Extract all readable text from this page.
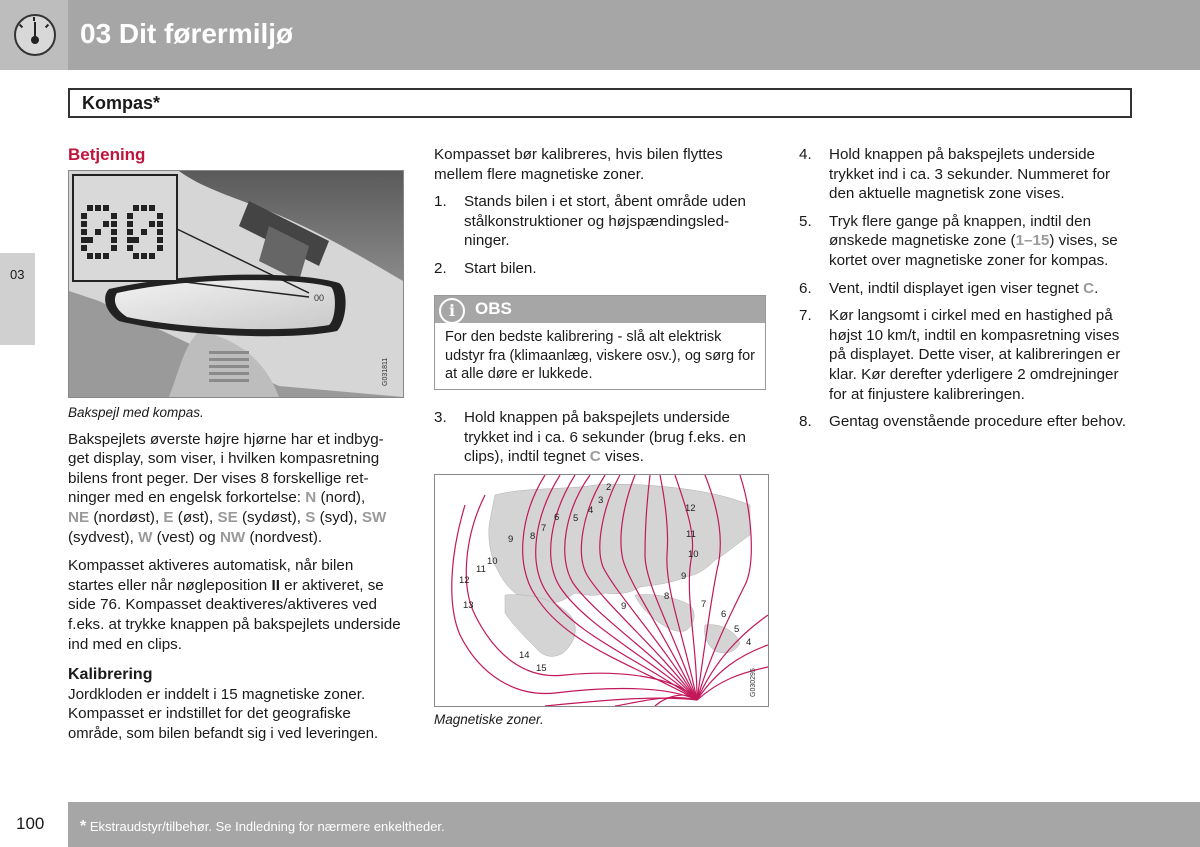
03 Dit førermiljø
Kompas*
03
Betjening
00
G031811

Bakspejl med kompas.

Bakspejlets øverste højre hjørne har et indbyg-
get display, som viser, i hvilken kompasretning
bilens front peger. Der vises 8 forskellige ret-
ninger med en engelsk forkortelse: N (nord),
NE (nordøst), E (øst), SE (sydøst), S (syd), SW
(sydvest), W (vest) og NW (nordvest).

Kompasset aktiveres automatisk, når bilen startes eller når nøgleposition II er aktiveret, se side 76. Kompasset deaktiveres/aktiveres ved f.eks. at trykke knappen på bakspejlets underside ind med en clips.

Kalibrering

Jordkloden er inddelt i 15 magnetiske zoner.
Kompasset er indstillet for det geografiske
område, som bilen befandt sig i ved leveringen.

Kompasset bør kalibreres, hvis bilen flyttes mellem flere magnetiske zoner.

1. Stands bilen i et stort, åbent område uden stålkonstruktioner og højspændingsled-ninger.
2. Start bilen.
i	OBS
For den bedste kalibrering - slå alt elektrisk udstyr fra (klimaanlæg, viskere osv.), og sørg for at alle døre er lukkede.
3. Hold knappen på bakspejlets underside trykket ind i ca. 6 sekunder (brug f.eks. en clips), indtil tegnet C vises.
2
3
4
5
6
7
8
9
10
11
12
13
14
15
12
11
10
9
8
7
6
5
4
9
G030295

Magnetiske zoner.

4. Hold knappen på bakspejlets underside trykket ind i ca. 3 sekunder. Nummeret for den aktuelle magnetisk zone vises.
5. Tryk flere gange på knappen, indtil den ønskede magnetiske zone (1–15) vises, se kortet over magnetiske zoner for kompas.
6. Vent, indtil displayet igen viser tegnet C.
7. Kør langsomt i cirkel med en hastighed på højst 10 km/t, indtil en kompasretning vises på displayet. Dette viser, at kalibreringen er klar. Kør derefter yderligere 2 omdrejninger for at finjustere kalibreringen.
8. Gentag ovenstående procedure efter behov.
* Ekstraudstyr/tilbehør. Se Indledning for nærmere enkeltheder.
100
